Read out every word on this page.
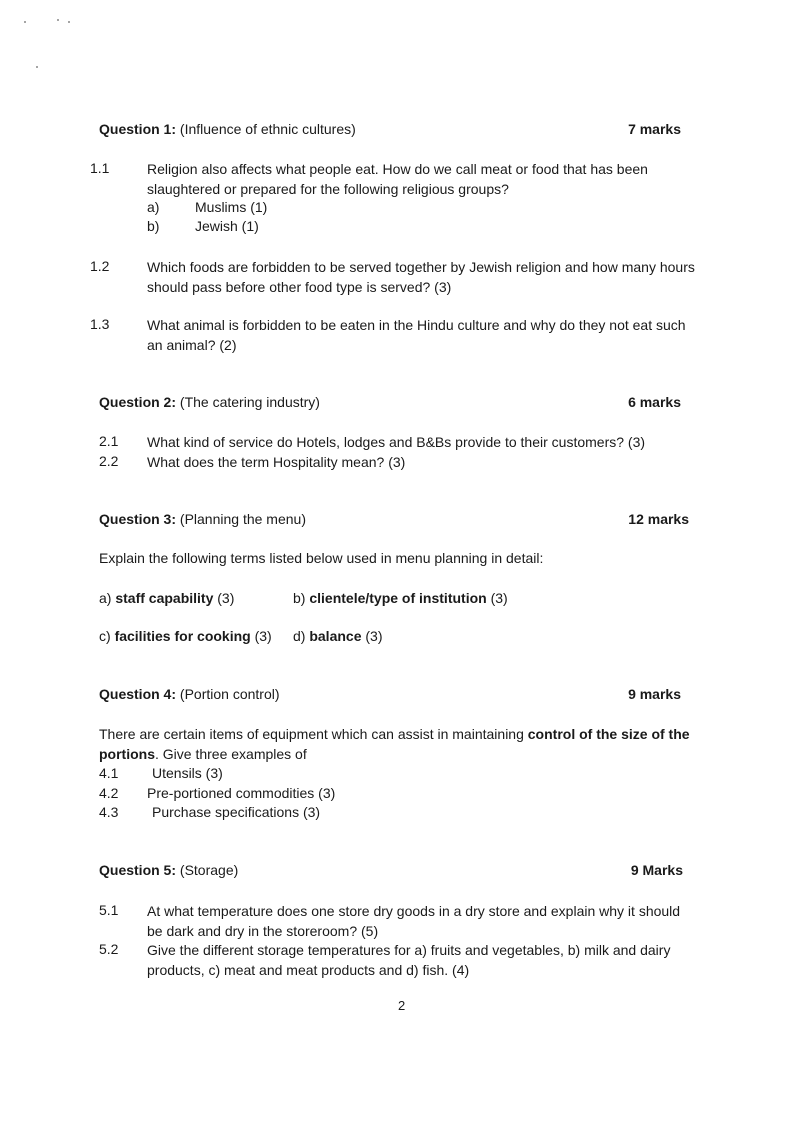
Question 1: (Influence of ethnic cultures)	7 marks
1.1	Religion also affects what people eat. How do we call meat or food that has been slaughtered or prepared for the following religious groups?
a)	Muslims (1)
b)	Jewish (1)
1.2	Which foods are forbidden to be served together by Jewish religion and how many hours should pass before other food type is served? (3)
1.3	What animal is forbidden to be eaten in the Hindu culture and why do they not eat such an animal? (2)
Question 2: (The catering industry)	6 marks
2.1 What kind of service do Hotels, lodges and B&Bs provide to their customers? (3)
2.2 What does the term Hospitality mean? (3)
Question 3: (Planning the menu)	12 marks
Explain the following terms listed below used in menu planning in detail:
a) staff capability (3)	b) clientele/type of institution (3)
c) facilities for cooking (3) d) balance (3)
Question 4: (Portion control)	9 marks
There are certain items of equipment which can assist in maintaining control of the size of the portions. Give three examples of
4.1 Utensils (3)
4.2 Pre-portioned commodities (3)
4.3 Purchase specifications (3)
Question 5: (Storage)	9 Marks
5.1 At what temperature does one store dry goods in a dry store and explain why it should be dark and dry in the storeroom? (5)
5.2 Give the different storage temperatures for a) fruits and vegetables, b) milk and dairy products, c) meat and meat products and d) fish. (4)
2
